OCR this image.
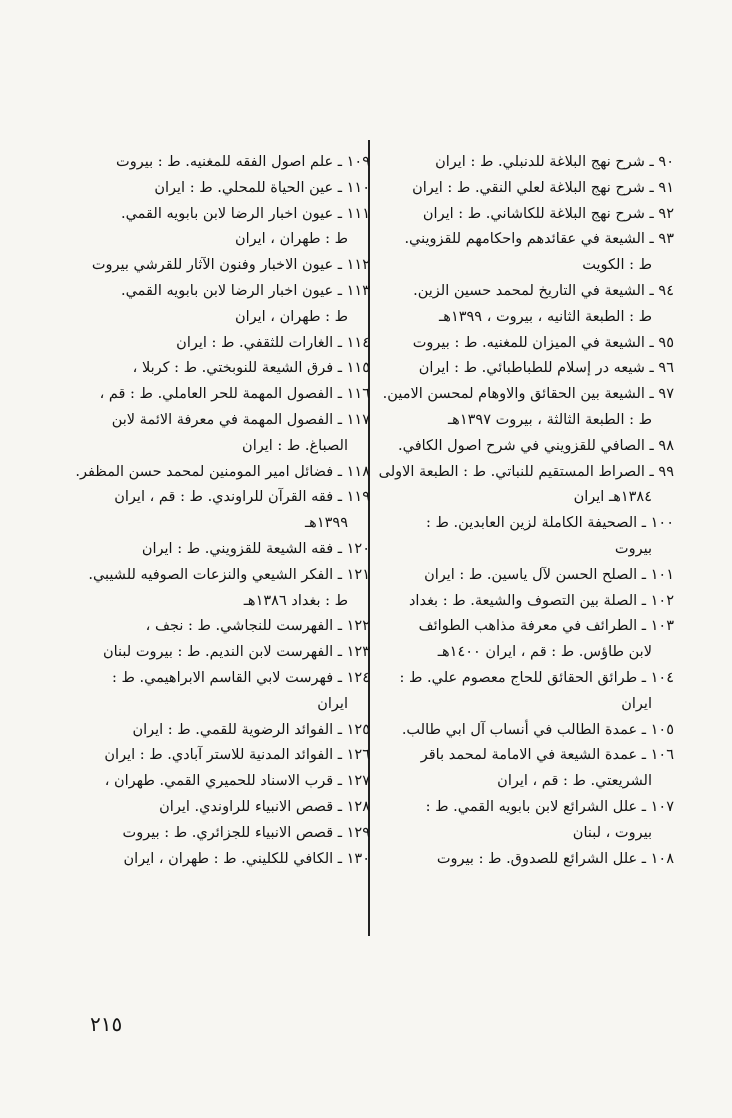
٩٠ ـ شرح نهج البلاغة للدنبلي. ط : ايران
٩١ ـ شرح نهج البلاغة لعلي النقي. ط : ايران
٩٢ ـ شرح نهج البلاغة للكاشاني. ط : ايران
٩٣ ـ الشيعة في عقائدهم واحكامهم للقزويني.
ط : الكويت
٩٤ ـ الشيعة في التاريخ لمحمد حسين الزين.
ط : الطبعة الثانيه ، بيروت ، ١٣٩٩هـ
٩٥ ـ الشيعة في الميزان للمغنيه. ط : بيروت
٩٦ ـ شيعه در إسلام للطباطبائي. ط : ايران
٩٧ ـ الشيعة بين الحقائق والاوهام لمحسن الامين.
ط : الطبعة الثالثة ، بيروت ١٣٩٧هـ
٩٨ ـ الصافي للقزويني في شرح اصول الكافي.
٩٩ ـ الصراط المستقيم للنباتي. ط : الطبعة الاولى
١٣٨٤هـ ايران
١٠٠ ـ الصحيفة الكاملة لزين العابدين. ط :
بيروت
١٠١ ـ الصلح الحسن لآل ياسين. ط : ايران
١٠٢ ـ الصلة بين التصوف والشيعة. ط : بغداد
١٠٣ ـ الطرائف في معرفة مذاهب الطوائف
لابن طاؤس. ط : قم ، ايران ١٤٠٠هـ
١٠٤ ـ طرائق الحقائق للحاج معصوم علي. ط :
ايران
١٠٥ ـ عمدة الطالب في أنساب آل ابي طالب.
١٠٦ ـ عمدة الشيعة في الامامة لمحمد باقر
الشريعتي. ط : قم ، ايران
١٠٧ ـ علل الشرائع لابن بابويه القمي. ط :
بيروت ، لبنان
١٠٨ ـ علل الشرائع للصدوق. ط : بيروت
١٠٩ ـ علم اصول الفقه للمغنيه. ط : بيروت
١١٠ ـ عين الحياة للمحلي. ط : ايران
١١١ ـ عيون اخبار الرضا لابن بابويه القمي.
ط : طهران ، ايران
١١٢ ـ عيون الاخبار وفنون الآثار للقرشي بيروت
١١٣ ـ عيون اخبار الرضا لابن بابويه القمي.
ط : طهران ، ايران
١١٤ ـ الغارات للثقفي. ط : ايران
١١٥ ـ فرق الشيعة للنوبختي. ط : كربلا ،
١١٦ ـ الفصول المهمة للحر العاملي. ط : قم ،
١١٧ ـ الفصول المهمة في معرفة الائمة لابن
الصباغ. ط : ايران
١١٨ ـ فضائل امير المومنين لمحمد حسن المظفر.
١١٩ ـ فقه القرآن للراوندي. ط : قم ، ايران
١٣٩٩هـ
١٢٠ ـ فقه الشيعة للقزويني. ط : ايران
١٢١ ـ الفكر الشيعي والنزعات الصوفيه للشيبي.
ط : بغداد ١٣٨٦هـ
١٢٢ ـ الفهرست للنجاشي. ط : نجف ،
١٢٣ ـ الفهرست لابن النديم. ط : بيروت لبنان
١٢٤ ـ فهرست لابي القاسم الابراهيمي. ط :
ايران
١٢٥ ـ الفوائد الرضوية للقمي. ط : ايران
١٢٦ ـ الفوائد المدنية للاستر آبادي. ط : ايران
١٢٧ ـ قرب الاسناد للحميري القمي. طهران ،
١٢٨ ـ قصص الانبياء للراوندي. ايران
١٢٩ ـ قصص الانبياء للجزائري. ط : بيروت
١٣٠ ـ الكافي للكليني. ط : طهران ، ايران
٢١٥
